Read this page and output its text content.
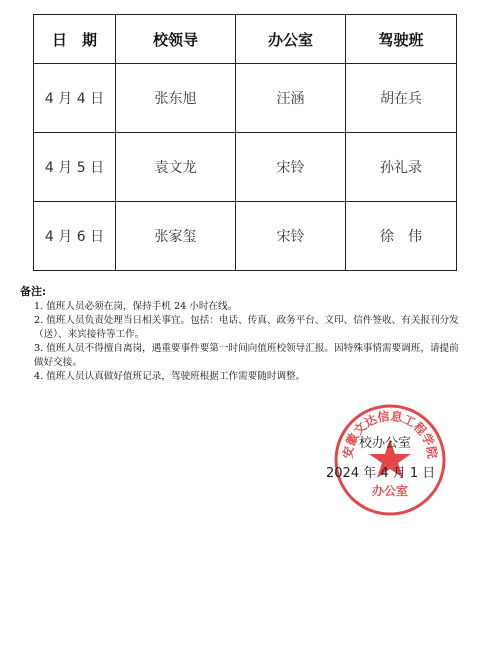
日　期	校领导	办公室	驾驶班
4 月 4 日	张东旭	汪涵	胡在兵
4 月 5 日	袁文龙	宋铃	孙礼录
4 月 6 日	张家玺	宋铃	徐　伟
备注:
1. 值班人员必须在岗，保持手机 24 小时在线。
2. 值班人员负责处理当日相关事宜。包括：电话、传真、政务平台、文印、信件签收、有关报刊分发（送）、来宾接待等工作。
3. 值班人员不得擅自离岗，遇重要事件要第一时间向值班校领导汇报。因特殊事情需要调班，请提前做好交接。
4. 值班人员认真做好值班记录，驾驶班根据工作需要随时调整。
安徽文达信息工程学院
办公室
校办公室
2024 年 4 月 1 日
